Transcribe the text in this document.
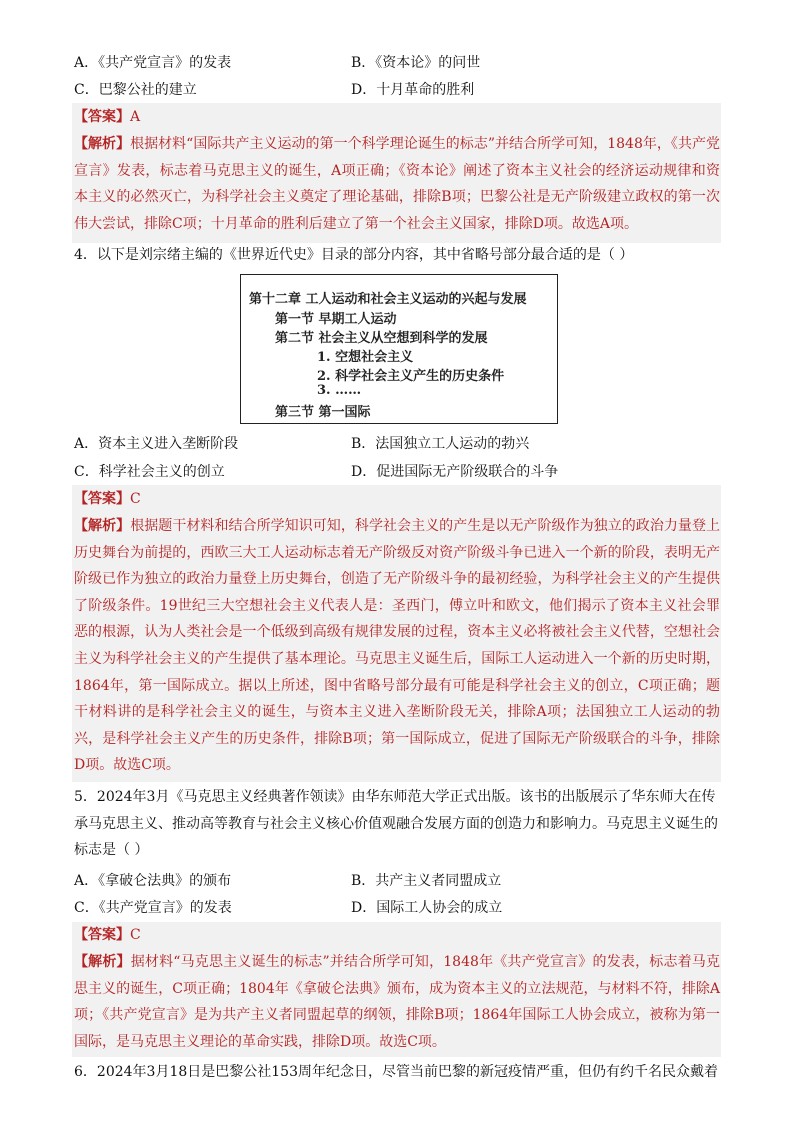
A．《共产党宣言》的发表	B．《资本论》的问世
C．巴黎公社的建立	D．十月革命的胜利
【答案】A
【解析】根据材料“国际共产主义运动的第一个科学理论诞生的标志”并结合所学可知，1848年，《共产党宣言》发表，标志着马克思主义的诞生，A项正确；《资本论》阐述了资本主义社会的经济运动规律和资本主义的必然灭亡，为科学社会主义奠定了理论基础，排除B项；巴黎公社是无产阶级建立政权的第一次伟大尝试，排除C项；十月革命的胜利后建立了第一个社会主义国家，排除D项。故选A项。
4．以下是刘宗绪主编的《世界近代史》目录的部分内容，其中省略号部分最合适的是（ ）
第十二章 工人运动和社会主义运动的兴起与发展
第一节 早期工人运动
第二节 社会主义从空想到科学的发展
1. 空想社会主义
2. 科学社会主义产生的历史条件
3. ……
第三节 第一国际
A．资本主义进入垄断阶段	B．法国独立工人运动的勃兴
C．科学社会主义的创立	D．促进国际无产阶级联合的斗争
【答案】C
【解析】根据题干材料和结合所学知识可知，科学社会主义的产生是以无产阶级作为独立的政治力量登上历史舞台为前提的，西欧三大工人运动标志着无产阶级反对资产阶级斗争已进入一个新的阶段，表明无产阶级已作为独立的政治力量登上历史舞台，创造了无产阶级斗争的最初经验，为科学社会主义的产生提供了阶级条件。19世纪三大空想社会主义代表人是：圣西门，傅立叶和欧文，他们揭示了资本主义社会罪恶的根源，认为人类社会是一个低级到高级有规律发展的过程，资本主义必将被社会主义代替，空想社会主义为科学社会主义的产生提供了基本理论。马克思主义诞生后，国际工人运动进入一个新的历史时期，1864年，第一国际成立。据以上所述，图中省略号部分最有可能是科学社会主义的创立，C项正确；题干材料讲的是科学社会主义的诞生，与资本主义进入垄断阶段无关，排除A项；法国独立工人运动的勃兴，是科学社会主义产生的历史条件，排除B项；第一国际成立，促进了国际无产阶级联合的斗争，排除D项。故选C项。
5．2024年3月《马克思主义经典著作领读》由华东师范大学正式出版。该书的出版展示了华东师大在传承马克思主义、推动高等教育与社会主义核心价值观融合发展方面的创造力和影响力。马克思主义诞生的标志是（ ）
A．《拿破仑法典》的颁布	B．共产主义者同盟成立
C．《共产党宣言》的发表	D．国际工人协会的成立
【答案】C
【解析】据材料“马克思主义诞生的标志”并结合所学可知，1848年《共产党宣言》的发表，标志着马克思主义的诞生，C项正确；1804年《拿破仑法典》颁布，成为资本主义的立法规范，与材料不符，排除A项；《共产党宣言》是为共产主义者同盟起草的纲领，排除B项；1864年国际工人协会成立，被称为第一国际，是马克思主义理论的革命实践，排除D项。故选C项。
6．2024年3月18日是巴黎公社153周年纪念日，尽管当前巴黎的新冠疫情严重，但仍有约千名民众戴着
